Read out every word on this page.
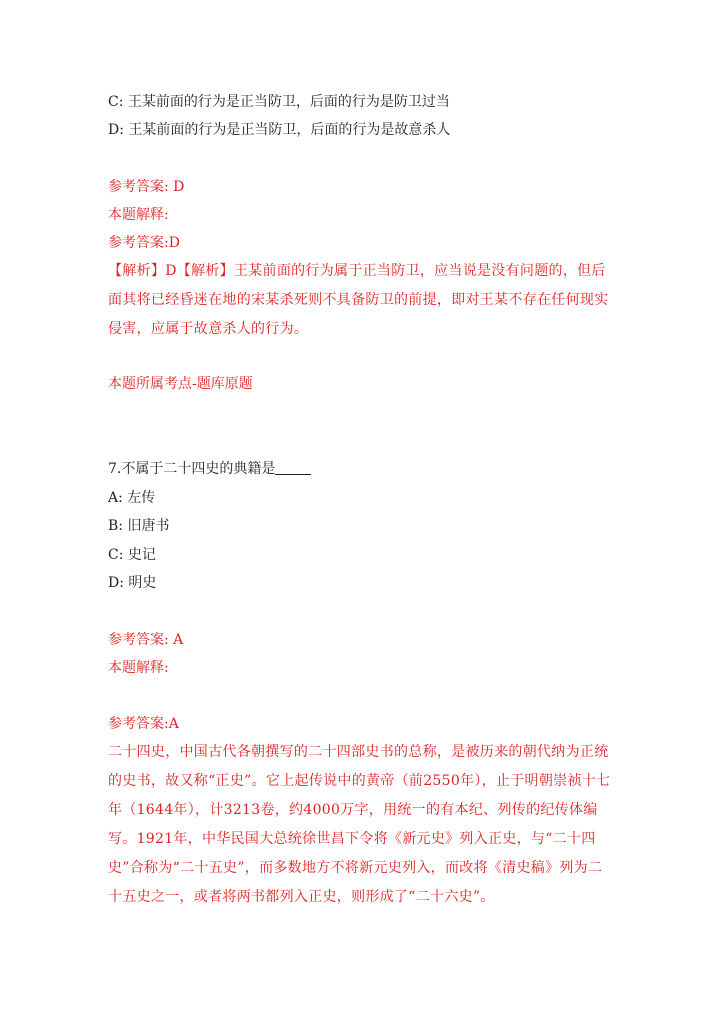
C: 王某前面的行为是正当防卫，后面的行为是防卫过当
D: 王某前面的行为是正当防卫，后面的行为是故意杀人
参考答案: D
本题解释:
参考答案:D
【解析】D【解析】王某前面的行为属于正当防卫，应当说是没有问题的，但后面其将已经昏迷在地的宋某杀死则不具备防卫的前提，即对王某不存在任何现实侵害，应属于故意杀人的行为。
本题所属考点-题库原题
7.不属于二十四史的典籍是
A: 左传
B: 旧唐书
C: 史记
D: 明史
参考答案: A
本题解释:
参考答案:A
二十四史，中国古代各朝撰写的二十四部史书的总称，是被历来的朝代纳为正统的史书，故又称“正史”。它上起传说中的黄帝（前2550年），止于明朝崇祯十七年（1644年），计3213卷，约4000万字，用统一的有本纪、列传的纪传体编写。1921年，中华民国大总统徐世昌下令将《新元史》列入正史，与“二十四史”合称为“二十五史”，而多数地方不将新元史列入，而改将《清史稿》列为二十五史之一，或者将两书都列入正史，则形成了“二十六史”。
